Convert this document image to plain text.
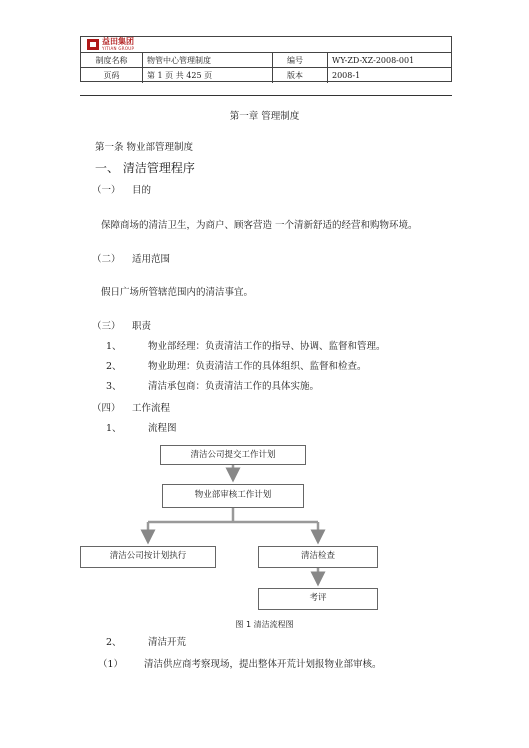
益田集团
YITIAN GROUP
制度名称	物管中心管理制度	编号	WY-ZD-XZ-2008-001
页码	第 1 页 共 425 页	版本	2008-1
第一章 管理制度
第一条 物业部管理制度
一、 清洁管理程序
（一） 目的
保障商场的清洁卫生，为商户、顾客营造 一个清新舒适的经营和购物环境。
（二） 适用范围
假日广场所管辖范围内的清洁事宜。
（三） 职责
1、	物业部经理：负责清洁工作的指导、协调、监督和管理。
2、	物业助理：负责清洁工作的具体组织、监督和检查。
3、	清洁承包商：负责清洁工作的具体实施。
（四） 工作流程
1、	流程图
清洁公司提交工作计划
物业部审核工作计划
清洁公司按计划执行	清洁检查
考评
图 1 清洁流程图
2、	清洁开荒
（1） 清洁供应商考察现场，提出整体开荒计划报物业部审核。
